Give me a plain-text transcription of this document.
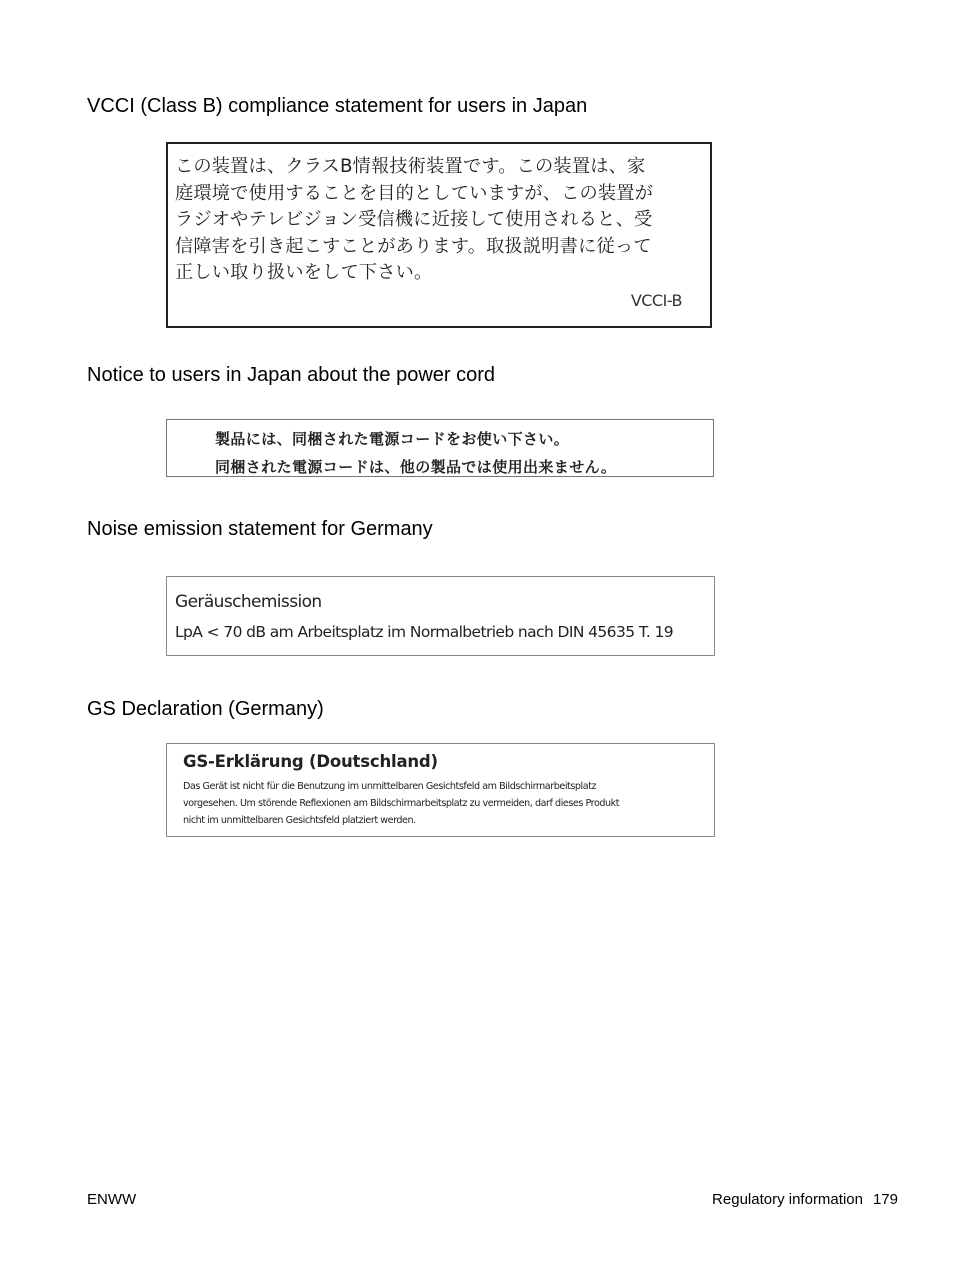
VCCI (Class B) compliance statement for users in Japan
この装置は、クラスB情報技術装置です。この装置は、家
庭環境で使用することを目的としていますが、この装置が
ラジオやテレビジョン受信機に近接して使用されると、受
信障害を引き起こすことがあります。取扱説明書に従って
正しい取り扱いをして下さい。
VCCI-B
Notice to users in Japan about the power cord
製品には、同梱された電源コードをお使い下さい。
同梱された電源コードは、他の製品では使用出来ません。
Noise emission statement for Germany
Geräuschemission
LpA < 70 dB am Arbeitsplatz im Normalbetrieb nach DIN 45635 T. 19
GS Declaration (Germany)
GS-Erklärung (Doutschland)
Das Gerät ist nicht für die Benutzung im unmittelbaren Gesichtsfeld am Bildschirmarbeitsplatz
vorgesehen. Um störende Reflexionen am Bildschirmarbeitsplatz zu vermeiden, darf dieses Produkt
nicht im unmittelbaren Gesichtsfeld platziert werden.
ENWW	Regulatory information 179
